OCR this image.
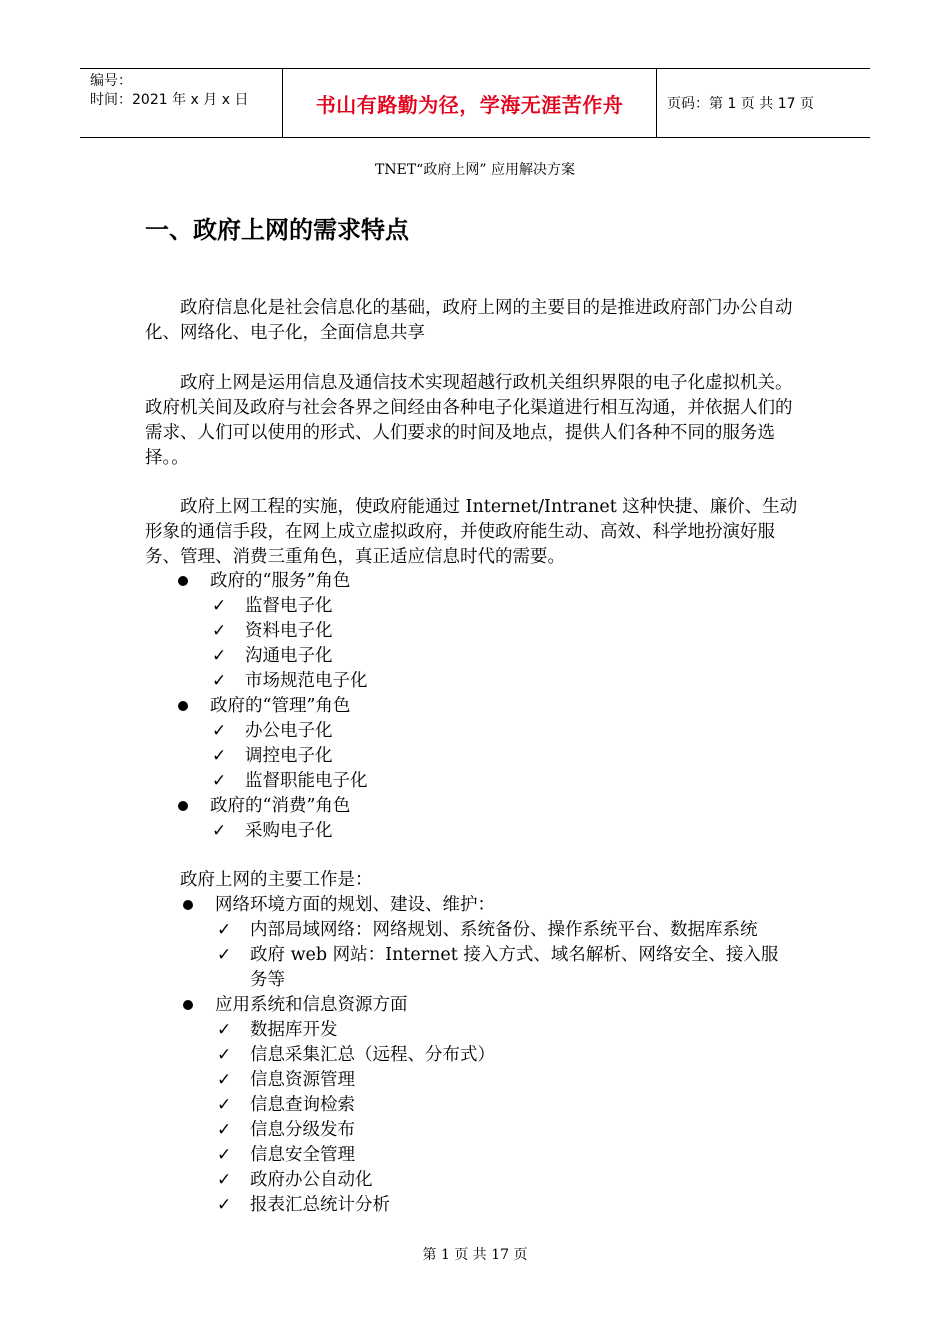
编号：
时间：2021 年 x 月 x 日	书山有路勤为径，学海无涯苦作舟	页码：第 1 页 共 17 页
TNET“政府上网” 应用解决方案
一、政府上网的需求特点

政府信息化是社会信息化的基础，政府上网的主要目的是推进政府部门办公自动化、网络化、电子化，全面信息共享

政府上网是运用信息及通信技术实现超越行政机关组织界限的电子化虚拟机关。政府机关间及政府与社会各界之间经由各种电子化渠道进行相互沟通，并依据人们的需求、人们可以使用的形式、人们要求的时间及地点，提供人们各种不同的服务选择。。

政府上网工程的实施，使政府能通过 Internet/Intranet 这种快捷、廉价、生动形象的通信手段，在网上成立虚拟政府，并使政府能生动、高效、科学地扮演好服务、管理、消费三重角色，真正适应信息时代的需要。

政府的“服务”角色
✓ 监督电子化
✓ 资料电子化
✓ 沟通电子化
✓ 市场规范电子化
政府的“管理”角色
✓ 办公电子化
✓ 调控电子化
✓ 监督职能电子化
政府的“消费”角色
✓ 采购电子化
政府上网的主要工作是：
网络环境方面的规划、建设、维护：
✓ 内部局域网络：网络规划、系统备份、操作系统平台、数据库系统
✓ 政府 web 网站：Internet 接入方式、域名解析、网络安全、接入服
务等
应用系统和信息资源方面
✓ 数据库开发
✓ 信息采集汇总（远程、分布式）
✓ 信息资源管理
✓ 信息查询检索
✓ 信息分级发布
✓ 信息安全管理
✓ 政府办公自动化
✓ 报表汇总统计分析
第 1 页 共 17 页
